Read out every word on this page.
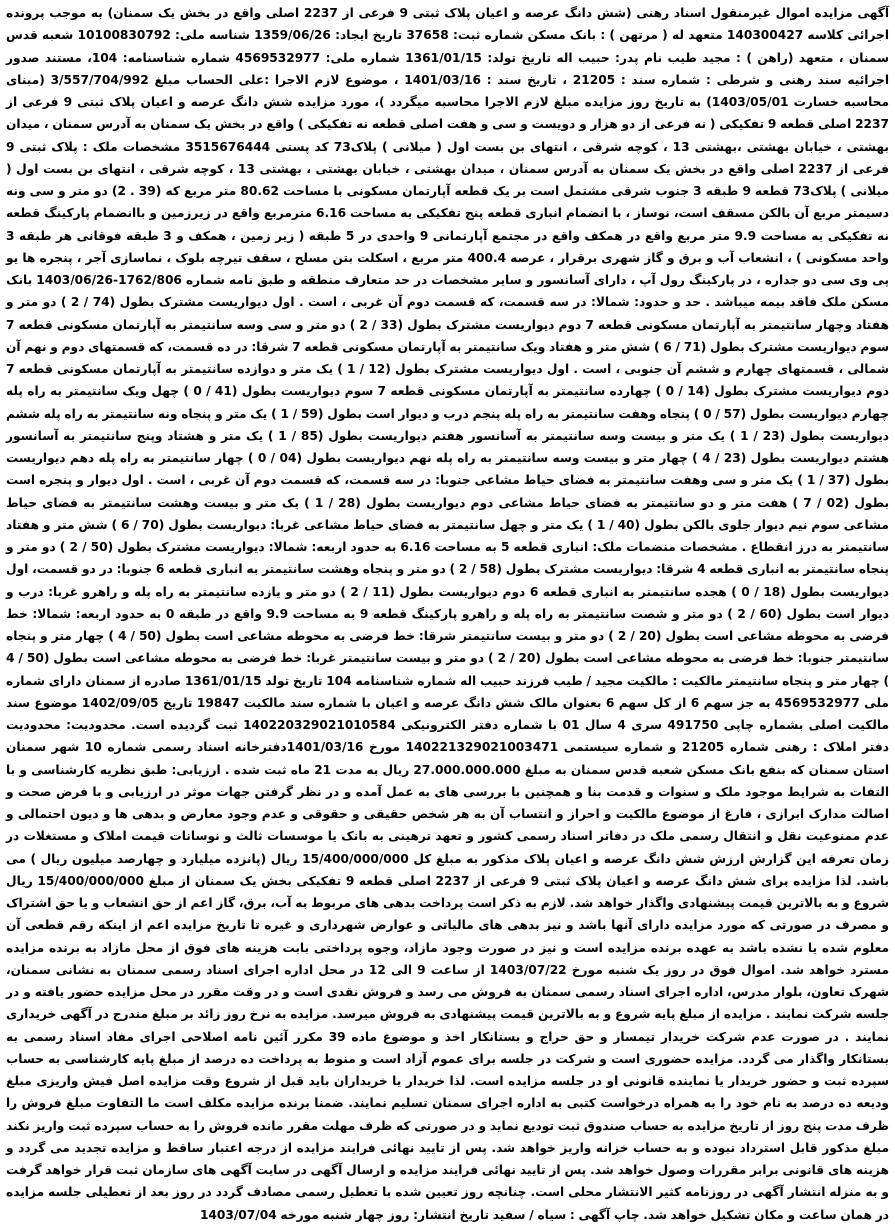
آگهی مزایده اموال غیرمنقول اسناد رهنی (شش دانگ عرصه و اعیان پلاک ثبتی 9 فرعی از 2237 اصلی واقع در بخش یک سمنان) به موجب پرونده اجرائی کلاسه 140300427 متعهد له ( مرتهن ) : بانک مسکن شماره ثبت: 37658 تاریخ ایجاد: 1359/06/26 شناسه ملی: 10100830792 شعبه قدس سمنان ، متعهد (راهن ) : مجید طیب نام پدر: حبیب اله تاریخ تولد: 1361/01/15 شماره ملی: 4569532977 شماره شناسنامه: 104، مستند صدور اجرائیه سند رهنی و شرطی : شماره سند : 21205 ، تاریخ سند : 1401/03/16 ، موضوع لازم الاجرا :علی الحساب مبلغ 3/557/704/992 (مبنای محاسبه خسارت 1403/05/01) به تاریخ روز مزایده مبلغ لازم الاجرا محاسبه میگردد )، مورد مزایده شش دانگ عرصه و اعیان پلاک ثبتی 9 فرعی از 2237 اصلی قطعه 9 تفکیکی ( نه فرعی از دو هزار و دویست و سی و هفت اصلی قطعه نه تفکیکی ) واقع در بخش یک سمنان به آدرس سمنان ، میدان بهشتی ، خیابان بهشتی ،بهشتی 13 ، کوچه شرقی ، انتهای بن بست اول ( میلانی ) پلاک73 کد پستی 3515676444 مشخصات ملک : پلاک ثبتی 9 فرعی از 2237 اصلی واقع در بخش یک سمنان به آدرس سمنان ، میدان بهشتی ، خیابان بهشتی ، بهشتی 13 ، کوچه شرقی ، انتهای بن بست اول ( میلانی ) پلاک73 قطعه 9 طبقه 3 جنوب شرقی مشتمل است بر یک قطعه آپارتمان مسکونی با مساحت 80.62 متر مربع که (39 . 2) دو متر و سی ونه دسیمتر مربع آن بالکن مسقف است، نوساز ، با انضمام انباری قطعه پنج تفکیکی به مساحت 6.16 مترمربع واقع در زیرزمین و باانضمام پارکینگ قطعه نه تفکیکی به مساحت 9.9 متر مربع واقع در همکف واقع در مجتمع آپارتمانی 9 واحدی در 5 طبقه ( زیر زمین ، همکف و 3 طبقه فوقانی هر طبقه 3 واحد مسکونی ) ، انشعاب آب و برق و گاز شهری برقرار ، عرصه 400.4 متر مربع ، اسکلت بتن مسلح ، سقف تیرچه بلوک ، نماسازی آجر ، پنجره ها یو پی وی سی دو جداره ، در پارکینگ رول آپ ، دارای آسانسور و سایر مشخصات در حد متعارف منطقه و طبق نامه شماره 1762/806-1403/06/26 بانک مسکن ملک فاقد بیمه میباشد . حد و حدود: شمالا: در سه قسمت، که قسمت دوم آن غربی ، است . اول دیواریست مشترک بطول (74 / 2 ) دو متر و هفتاد وچهار سانتیمتر به آپارتمان مسکونی قطعه 7 دوم دیواریست مشترک بطول (33 / 2 ) دو متر و سی وسه سانتیمتر به آپارتمان مسکونی قطعه 7 سوم دیواریست مشترک بطول (71 / 6 ) شش متر و هفتاد ویک سانتیمتر به آپارتمان مسکونی قطعه 7 شرقا: در ده قسمت، که قسمتهای دوم و نهم آن شمالی ، قسمتهای چهارم و ششم آن جنوبی ، است . اول دیواریست مشترک بطول (12 / 1 ) یک متر و دوازده سانتیمتر به آپارتمان مسکونی قطعه 7 دوم دیواریست مشترک بطول (14 / 0 ) چهارده سانتیمتر به آپارتمان مسکونی قطعه 7 سوم دیواریست بطول (41 / 0 ) چهل ویک سانتیمتر به راه پله چهارم دیواریست بطول (57 / 0 ) پنجاه وهفت سانتیمتر به راه پله پنجم درب و دیوار است بطول (59 / 1 ) یک متر و پنجاه ونه سانتیمتر به راه پله ششم دیواریست بطول (23 / 1 ) یک متر و بیست وسه سانتیمتر به آسانسور هفتم دیواریست بطول (85 / 1 ) یک متر و هشتاد وپنج سانتیمتر به آسانسور هشتم دیواریست بطول (23 / 4 ) چهار متر و بیست وسه سانتیمتر به راه پله نهم دیواریست بطول (04 / 0 ) چهار سانتیمتر به راه پله دهم دیواریست بطول (37 / 1 ) یک متر و سی وهفت سانتیمتر به فضای حیاط مشاعی جنوبا: در سه قسمت، که قسمت دوم آن غربی ، است . اول دیوار و پنجره است بطول (02 / 7 ) هفت متر و دو سانتیمتر به فضای حیاط مشاعی دوم دیواریست بطول (28 / 1 ) یک متر و بیست وهشت سانتیمتر به فضای حیاط مشاعی سوم نیم دیوار جلوی بالکن بطول (40 / 1 ) یک متر و چهل سانتیمتر به فضای حیاط مشاعی غربا: دیواریست بطول (70 / 6 ) شش متر و هفتاد سانتیمتر به درز انقطاع . مشخصات منضمات ملک: انباری قطعه 5 به مساحت 6.16 به حدود اربعه: شمالا: دیواریست مشترک بطول (50 / 2 ) دو متر و پنجاه سانتیمتر به انباری قطعه 4 شرقا: دیواریست مشترک بطول (58 / 2 ) دو متر و پنجاه وهشت سانتیمتر به انباری قطعه 6 جنوبا: در دو قسمت، اول دیواریست بطول (18 / 0 ) هجده سانتیمتر به انباری قطعه 6 دوم دیواریست بطول (11 / 2 ) دو متر و یازده سانتیمتر به راه پله و راهرو غربا: درب و دیوار است بطول (60 / 2 ) دو متر و شصت سانتیمتر به راه پله و راهرو پارکینگ قطعه 9 به مساحت 9.9 واقع در طبقه 0 به حدود اربعه: شمالا: خط فرضی به محوطه مشاعی است بطول (20 / 2 ) دو متر و بیست سانتیمتر شرقا: خط فرضی به محوطه مشاعی است بطول (50 / 4 ) چهار متر و پنجاه سانتیمتر جنوبا: خط فرضی به محوطه مشاعی است بطول (20 / 2 ) دو متر و بیست سانتیمتر غربا: خط فرضی به محوطه مشاعی است بطول (50 / 4 ) چهار متر و پنجاه سانتیمتر مالکیت : مالکیت مجید / طیب فرزند حبیب اله شماره شناسنامه 104 تاریخ تولد 1361/01/15 صادره از سمنان دارای شماره ملی 4569532977 به جز سهم 6 از کل سهم 6 بعنوان مالک شش دانگ عرصه و اعیان با شماره سند مالکیت 19847 تاریخ 1402/09/05 موضوع سند مالکیت اصلی بشماره چاپی 491750 سری 4 سال 01 با شماره دفتر الکترونیکی 140220329021010584 ثبت گردیده است. محدودیت: محدودیت دفتر املاک : رهنی شماره 21205 و شماره سیستمی 140221329021003471 مورخ 1401/03/16دفترخانه اسناد رسمی شماره 10 شهر سمنان استان سمنان که بنفع بانک مسکن شعبه قدس سمنان به مبلغ 27.000.000.000 ریال به مدت 21 ماه ثبت شده . ارزیابی: طبق نظریه کارشناسی و با التفات به شرایط موجود ملک و سنوات و قدمت بنا و همچنین با بررسی های به عمل آمده و در نظر گرفتن جهات موثر در ارزیابی و با فرض صحت و اصالت مدارک ابرازی ، فارغ از موضوع مالکیت و احراز و انتساب آن به هر شخص حقیقی و حقوقی و عدم وجود معارض و بدهی ها و دیون احتمالی و عدم ممنوعیت نقل و انتقال رسمی ملک در دفاتر اسناد رسمی کشور و تعهد ترهینی به بانک یا موسسات ثالث و نوسانات قیمت املاک و مستغلات در زمان تعرفه این گزارش ارزش شش دانگ عرصه و اعیان پلاک مذکور به مبلغ کل 15/400/000/000 ریال (پانزده میلیارد و چهارصد میلیون ریال ) می باشد. لذا مزایده برای شش دانگ عرصه و اعیان پلاک ثبتی 9 فرعی از 2237 اصلی قطعه 9 تفکیکی بخش یک سمنان از مبلغ 15/400/000/000 ریال شروع و به بالاترین قیمت پیشنهادی واگذار خواهد شد. لازم به ذکر است پرداخت بدهی های مربوط به آب، برق، گاز اعم از حق انشعاب و یا حق اشتراک و مصرف در صورتی که مورد مزایده دارای آنها باشد و نیز بدهی های مالیاتی و عوارض شهرداری و غیره تا تاریخ مزایده اعم از اینکه رقم قطعی آن معلوم شده یا نشده باشد به عهده برنده مزایده است و نیز در صورت وجود مازاد، وجوه پرداختی بابت هزینه های فوق از محل مازاد به برنده مزایده مسترد خواهد شد. اموال فوق در روز یک شنبه مورخ 1403/07/22 از ساعت 9 الی 12 در محل اداره اجرای اسناد رسمی سمنان به نشانی سمنان، شهرک تعاون، بلوار مدرس، اداره اجرای اسناد رسمی سمنان به فروش می رسد و فروش نقدی است و در وقت مقرر در محل مزایده حضور یافته و در جلسه شرکت نمایند . مزایده از مبلغ پایه شروع و به بالاترین قیمت پیشنهادی به فروش میرسد. مزایده به نرخ روز زائد بر مبلغ مندرج در آگهی خریداری نمایند . در صورت عدم شرکت خریدار تیمسار و حق حراج و بستانکار اخذ و موضوع ماده 39 مکرر آئین نامه اصلاحی اجرای مفاد اسناد رسمی به بستانکار واگذار می گردد. مزایده حضوری است و شرکت در جلسه برای عموم آزاد است و منوط به پرداخت ده درصد از مبلغ پایه کارشناسی به حساب سپرده ثبت و حضور خریدار یا نماینده قانونی او در جلسه مزایده است. لذا خریدار یا خریداران باید قبل از شروع وقت مزایده اصل فیش واریزی مبلغ ودیعه ده درصد به نام خود را به همراه درخواست کتبی به اداره اجرای سمنان تسلیم نمایند. ضمنا برنده مزایده مکلف است ما التفاوت مبلغ فروش را ظرف مدت پنج روز از تاریخ مزایده به حساب صندوق ثبت تودیع نماید و در صورتی که ظرف مهلت مقرر مانده فروش را به حساب سپرده ثبت واریز نکند مبلغ مذکور قابل استرداد نبوده و به حساب خزانه واریز خواهد شد. پس از تایید نهائی فرایند مزایده از درجه اعتبار ساقط و مزایده تجدید می گردد و هزینه های قانونی برابر مقررات وصول خواهد شد. پس از تایید نهائی فرایند مزایده و ارسال آگهی در سایت آگهی های سازمان ثبت قرار خواهد گرفت و به منزله انتشار آگهی در روزنامه کثیر الانتشار محلی است. چنانچه روز تعیین شده با تعطیل رسمی مصادف گردد در روز بعد از تعطیلی جلسه مزایده در همان ساعت و مکان تشکیل خواهد شد. چاپ آگهی : سیاه / سفید تاریخ انتشار: روز چهار شنبه مورخه 1403/07/04
